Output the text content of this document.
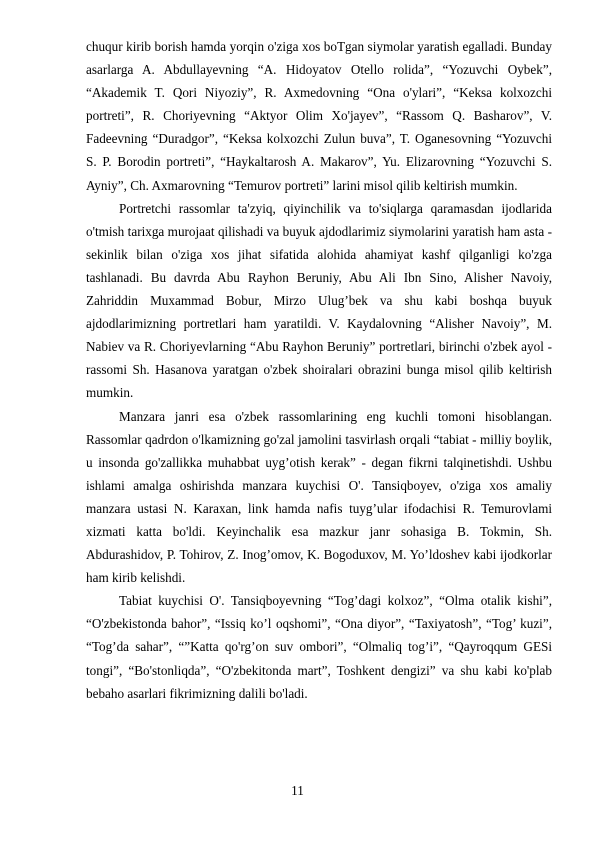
chuqur kirib borish hamda yorqin o'ziga xos boTgan siymolar yaratish egalladi. Bunday asarlarga A. Abdullayevning “A. Hidoyatov Otello rolida”, “Yozuvchi Oybek”, “Akademik T. Qori Niyoziy”, R. Axmedovning “Ona o'ylari”, “Keksa kolxozchi portreti”, R. Choriyevning “Aktyor Olim Xo'jayev”, “Rassom Q. Basharov”, V. Fadeevning “Duradgor”, “Keksa kolxozchi Zulun buva”, T. Oganesovning “Yozuvchi S. P. Borodin portreti”, “Haykaltarosh A. Makarov”, Yu. Elizarovning “Yozuvchi S. Ayniy”, Ch. Axmarovning “Temurov portreti” larini misol qilib keltirish mumkin.

Portretchi rassomlar ta'zyiq, qiyinchilik va to'siqlarga qaramasdan ijodlarida o'tmish tarixga murojaat qilishadi va buyuk ajdodlarimiz siymolarini yaratish ham asta - sekinlik bilan o'ziga xos jihat sifatida alohida ahamiyat kashf qilganligi ko'zga tashlanadi. Bu davrda Abu Rayhon Beruniy, Abu Ali Ibn Sino, Alisher Navoiy, Zahriddin Muxammad Bobur, Mirzo Ulug’bek va shu kabi boshqa buyuk ajdodlarimizning portretlari ham yaratildi. V. Kaydalovning “Alisher Navoiy”, M. Nabiev va R. Choriyevlarning “Abu Rayhon Beruniy” portretlari, birinchi o'zbek ayol - rassomi Sh. Hasanova yaratgan o'zbek shoiralari obrazini bunga misol qilib keltirish mumkin.

Manzara janri esa o'zbek rassomlarining eng kuchli tomoni hisoblangan. Rassomlar qadrdon o'lkamizning go'zal jamolini tasvirlash orqali “tabiat - milliy boylik, u insonda go'zallikka muhabbat uyg’otish kerak” - degan fikrni talqinetishdi. Ushbu ishlami amalga oshirishda manzara kuychisi O'. Tansiqboyev, o'ziga xos amaliy manzara ustasi N. Karaxan, link hamda nafis tuyg’ular ifodachisi R. Temurovlami xizmati katta bo'ldi. Keyinchalik esa mazkur janr sohasiga B. Tokmin, Sh. Abdurashidov, P. Tohirov, Z. Inog’omov, K. Bogoduxov, M. Yo’ldoshev kabi ijodkorlar ham kirib kelishdi.

Tabiat kuychisi O'. Tansiqboyevning “Tog’dagi kolxoz”, “Olma otalik kishi”, “O'zbekistonda bahor”, “Issiq ko’l oqshomi”, “Ona diyor”, “Taxiyatosh”, “Tog’ kuzi”, “Tog’da sahar”, “”Katta qo'rg’on suv ombori”, “Olmaliq tog’i”, “Qayroqqum GESi tongi”, “Bo'stonliqda”, “O'zbekitonda mart”, Toshkent dengizi” va shu kabi ko'plab bebaho asarlari fikrimizning dalili bo'ladi.

11
